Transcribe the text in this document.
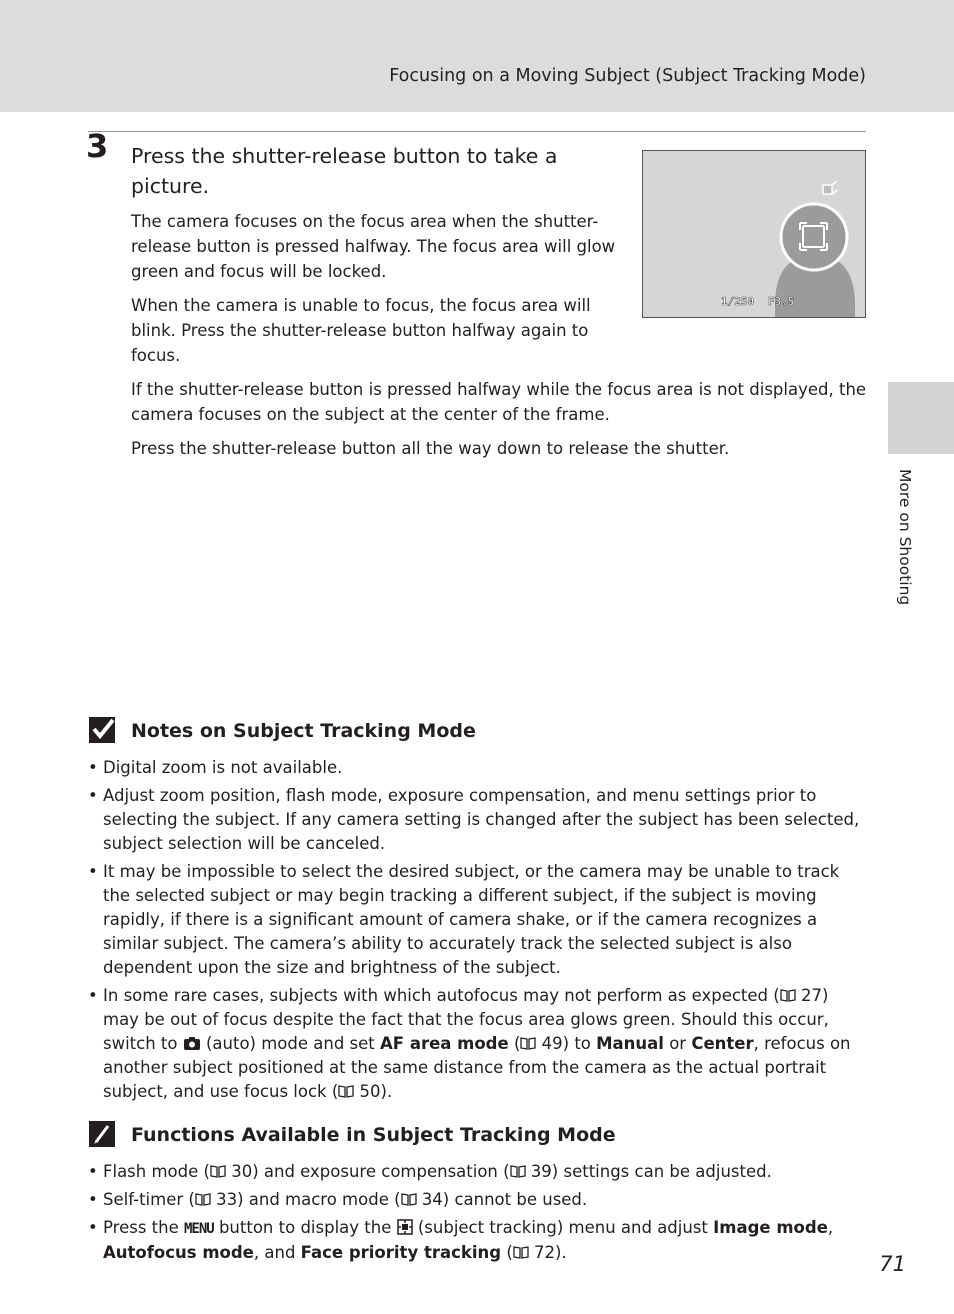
Focusing on a Moving Subject (Subject Tracking Mode)
3 Press the shutter-release button to take a picture.

The camera focuses on the focus area when the shutter-release button is pressed halfway. The focus area will glow green and focus will be locked.

When the camera is unable to focus, the focus area will blink. Press the shutter-release button halfway again to focus.

If the shutter-release button is pressed halfway while the focus area is not displayed, the camera focuses on the subject at the center of the frame.

Press the shutter-release button all the way down to release the shutter.

1/250 F3.5
More on Shooting
Notes on Subject Tracking Mode
• Digital zoom is not available.
• Adjust zoom position, flash mode, exposure compensation, and menu settings prior to selecting the subject. If any camera setting is changed after the subject has been selected, subject selection will be canceled.
• It may be impossible to select the desired subject, or the camera may be unable to track the selected subject or may begin tracking a different subject, if the subject is moving rapidly, if there is a significant amount of camera shake, or if the camera recognizes a similar subject. The camera’s ability to accurately track the selected subject is also dependent upon the size and brightness of the subject.
• In some rare cases, subjects with which autofocus may not perform as expected ( 27) may be out of focus despite the fact that the focus area glows green. Should this occur, switch to  (auto) mode and set AF area mode ( 49) to Manual or Center, refocus on another subject positioned at the same distance from the camera as the actual portrait subject, and use focus lock ( 50).
Functions Available in Subject Tracking Mode
• Flash mode ( 30) and exposure compensation ( 39) settings can be adjusted.
• Self-timer ( 33) and macro mode ( 34) cannot be used.
• Press the MENU button to display the  (subject tracking) menu and adjust Image mode, Autofocus mode, and Face priority tracking ( 72).	71
